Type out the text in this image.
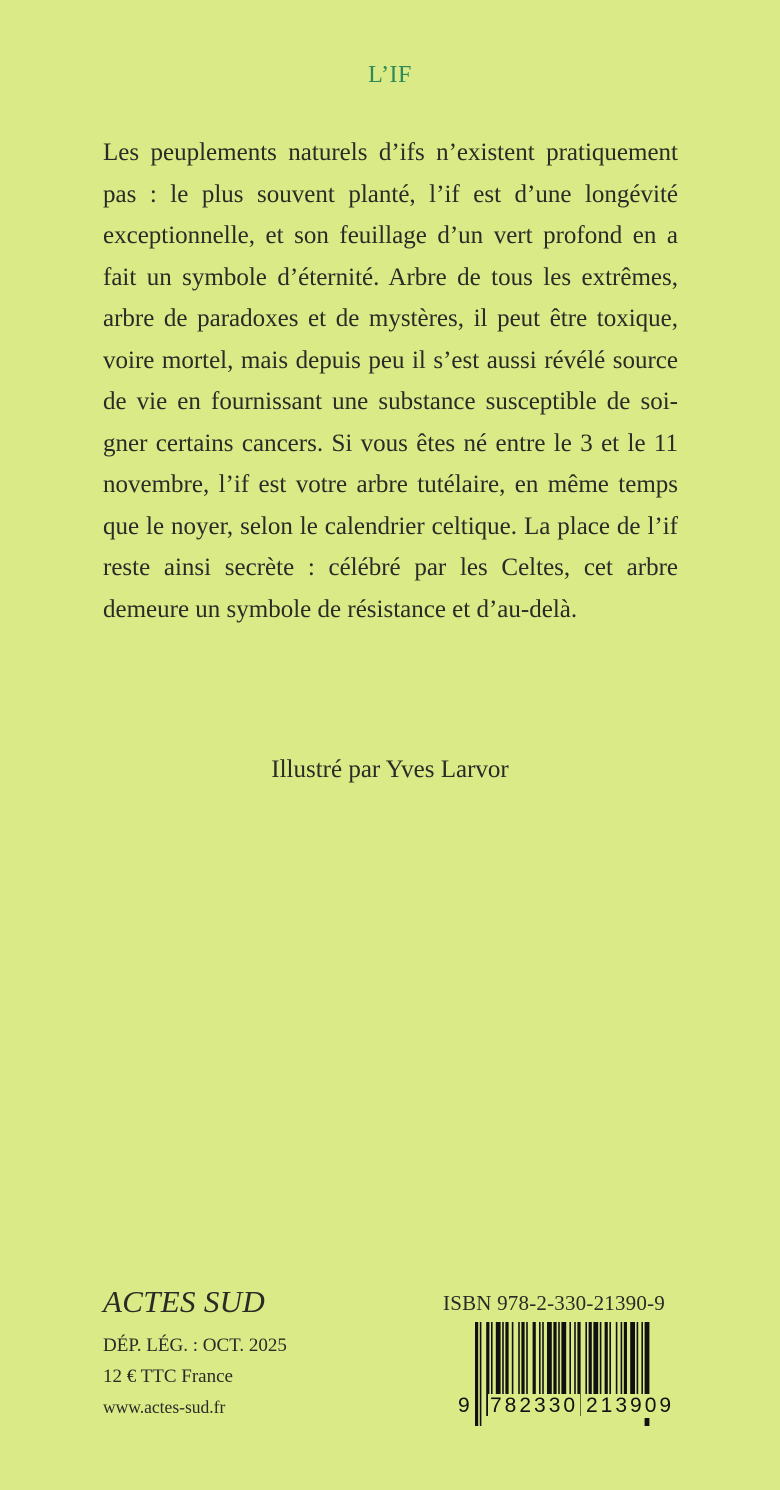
L’IF

Les peuplements naturels d’ifs n’existent pratiquement pas : le plus souvent planté, l’if est d’une longévité exceptionnelle, et son feuillage d’un vert profond en a fait un symbole d’éternité. Arbre de tous les extrêmes, arbre de paradoxes et de mystères, il peut être toxique, voire mortel, mais depuis peu il s’est aussi révélé source de vie en fournissant une substance susceptible de soigner certains cancers. Si vous êtes né entre le 3 et le 11 novembre, l’if est votre arbre tutélaire, en même temps que le noyer, selon le calendrier celtique. La place de l’if reste ainsi secrète : célébré par les Celtes, cet arbre demeure un symbole de résistance et d’au-delà.

Illustré par Yves Larvor
ACTES SUD
DÉP. LÉG. : OCT. 2025
12 € TTC France
www.actes-sud.fr
ISBN 978-2-330-21390-9

9

782330

213909
